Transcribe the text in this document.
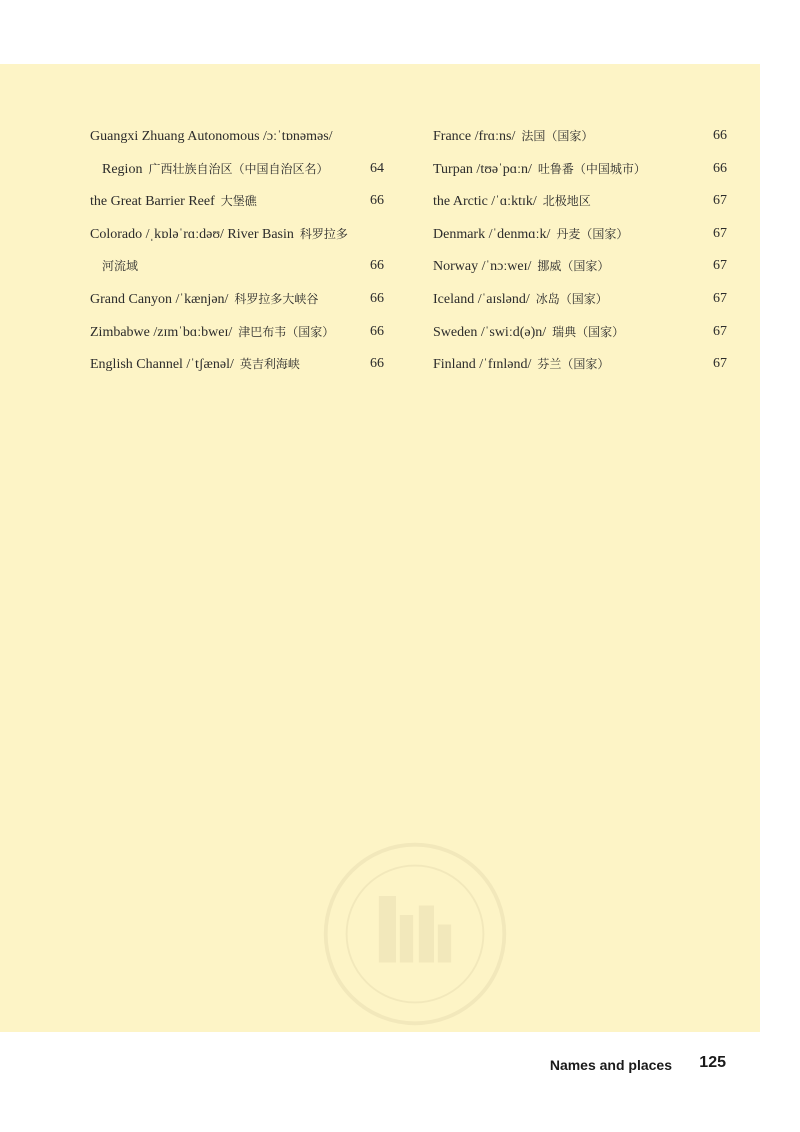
Guangxi Zhuang Autonomous /ɔːˈtɒnəməs/
Region 广西壮族自治区（中国自治区名）	64
the Great Barrier Reef 大堡礁	66
Colorado /ˌkɒləˈrɑːdəʊ/ River Basin 科罗拉多
河流域	66
Grand Canyon /ˈkænjən/ 科罗拉多大峡谷	66
Zimbabwe /zɪmˈbɑːbweɪ/ 津巴布韦（国家）	66
English Channel /ˈtʃænəl/ 英吉利海峡	66
France /frɑːns/ 法国（国家）	66
Turpan /tʊəˈpɑːn/ 吐鲁番（中国城市）	66
the Arctic /ˈɑːktɪk/ 北极地区	67
Denmark /ˈdenmɑːk/ 丹麦（国家）	67
Norway /ˈnɔːweɪ/ 挪威（国家）	67
Iceland /ˈaɪslənd/ 冰岛（国家）	67
Sweden /ˈswiːd(ə)n/ 瑞典（国家）	67
Finland /ˈfɪnlənd/ 芬兰（国家）	67
Names and places 125
